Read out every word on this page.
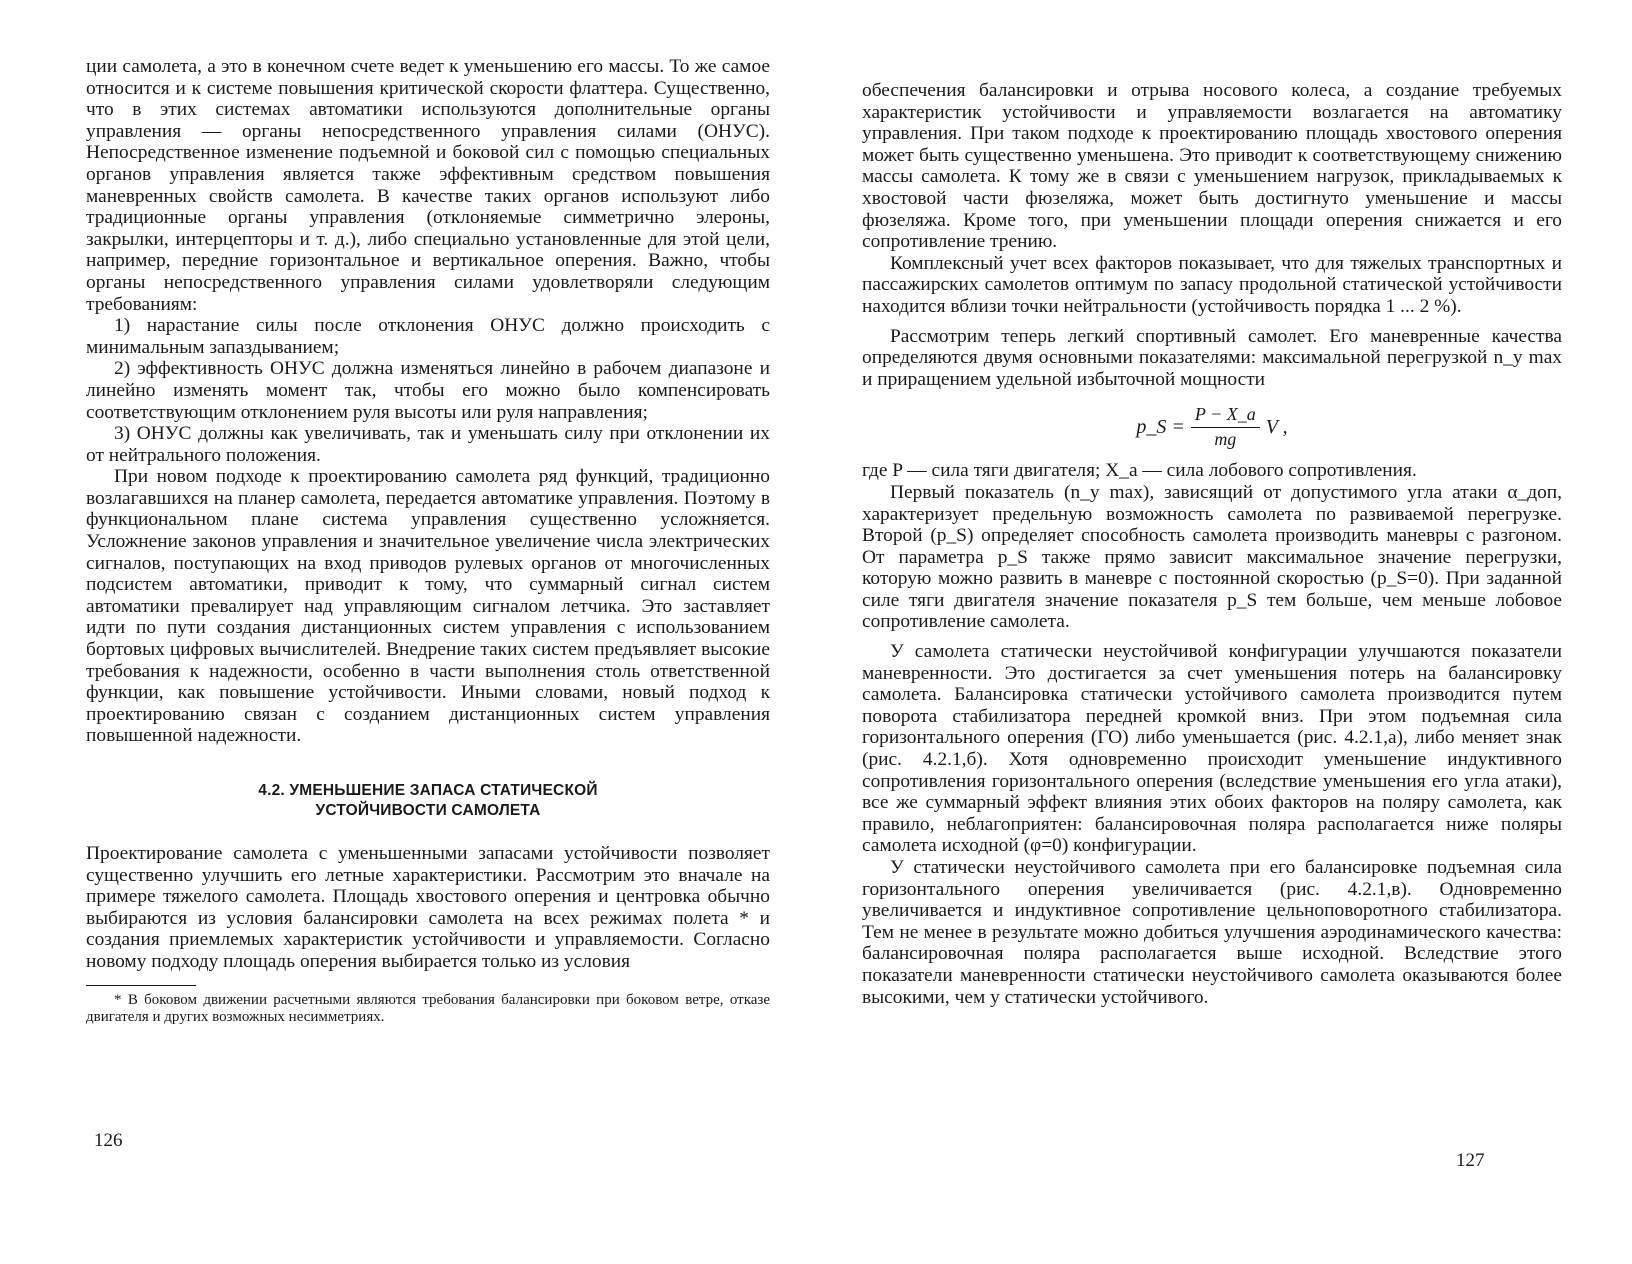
ции самолета, а это в конечном счете ведет к уменьшению его массы. То же самое относится и к системе повышения критической скорости флаттера. Существенно, что в этих системах автоматики используются дополнительные органы управления — органы непосредственного управления силами (ОНУС). Непосредственное изменение подъемной и боковой сил с помощью специальных органов управления является также эффективным средством повышения маневренных свойств самолета. В качестве таких органов используют либо традиционные органы управления (отклоняемые симметрично элероны, закрылки, интерцепторы и т. д.), либо специально установленные для этой цели, например, передние горизонтальное и вертикальное оперения. Важно, чтобы органы непосредственного управления силами удовлетворяли следующим требованиям:

1) нарастание силы после отклонения ОНУС должно происходить с минимальным запаздыванием;
2) эффективность ОНУС должна изменяться линейно в рабочем диапазоне и линейно изменять момент так, чтобы его можно было компенсировать соответствующим отклонением руля высоты или руля направления;
3) ОНУС должны как увеличивать, так и уменьшать силу при отклонении их от нейтрального положения.

При новом подходе к проектированию самолета ряд функций, традиционно возлагавшихся на планер самолета, передается автоматике управления. Поэтому в функциональном плане система управления существенно усложняется. Усложнение законов управления и значительное увеличение числа электрических сигналов, поступающих на вход приводов рулевых органов от многочисленных подсистем автоматики, приводит к тому, что суммарный сигнал систем автоматики превалирует над управляющим сигналом летчика. Это заставляет идти по пути создания дистанционных систем управления с использованием бортовых цифровых вычислителей. Внедрение таких систем предъявляет высокие требования к надежности, особенно в части выполнения столь ответственной функции, как повышение устойчивости. Иными словами, новый подход к проектированию связан с созданием дистанционных систем управления повышенной надежности.

4.2. УМЕНЬШЕНИЕ ЗАПАСА СТАТИЧЕСКОЙ
УСТОЙЧИВОСТИ САМОЛЕТА

Проектирование самолета с уменьшенными запасами устойчивости позволяет существенно улучшить его летные характеристики. Рассмотрим это вначале на примере тяжелого самолета. Площадь хвостового оперения и центровка обычно выбираются из условия балансировки самолета на всех режимах полета * и создания приемлемых характеристик устойчивости и управляемости. Согласно новому подходу площадь оперения выбирается только из условия

* В боковом движении расчетными являются требования балансировки при боковом ветре, отказе двигателя и других возможных несимметриях.

126

обеспечения балансировки и отрыва носового колеса, а создание требуемых характеристик устойчивости и управляемости возлагается на автоматику управления. При таком подходе к проектированию площадь хвостового оперения может быть существенно уменьшена. Это приводит к соответствующему снижению массы самолета. К тому же в связи с уменьшением нагрузок, прикладываемых к хвостовой части фюзеляжа, может быть достигнуто уменьшение и массы фюзеляжа. Кроме того, при уменьшении площади оперения снижается и его сопротивление трению.

Комплексный учет всех факторов показывает, что для тяжелых транспортных и пассажирских самолетов оптимум по запасу продольной статической устойчивости находится вблизи точки нейтральности (устойчивость порядка 1 ... 2 %).

Рассмотрим теперь легкий спортивный самолет. Его маневренные качества определяются двумя основными показателями: максимальной перегрузкой n_y max и приращением удельной избыточной мощности

p_S = $\frac{P - X\_a}{mg}$ V ,

где P — сила тяги двигателя; X_a — сила лобового сопротивления.

Первый показатель (n_y max), зависящий от допустимого угла атаки α_доп, характеризует предельную возможность самолета по развиваемой перегрузке. Второй (p_S) определяет способность самолета производить маневры с разгоном. От параметра p_S также прямо зависит максимальное значение перегрузки, которую можно развить в маневре с постоянной скоростью (p_S=0). При заданной силе тяги двигателя значение показателя p_S тем больше, чем меньше лобовое сопротивление самолета.

У самолета статически неустойчивой конфигурации улучшаются показатели маневренности. Это достигается за счет уменьшения потерь на балансировку самолета. Балансировка статически устойчивого самолета производится путем поворота стабилизатора передней кромкой вниз. При этом подъемная сила горизонтального оперения (ГО) либо уменьшается (рис. 4.2.1,а), либо меняет знак (рис. 4.2.1,б). Хотя одновременно происходит уменьшение индуктивного сопротивления горизонтального оперения (вследствие уменьшения его угла атаки), все же суммарный эффект влияния этих обоих факторов на поляру самолета, как правило, неблагоприятен: балансировочная поляра располагается ниже поляры самолета исходной (φ=0) конфигурации.

У статически неустойчивого самолета при его балансировке подъемная сила горизонтального оперения увеличивается (рис. 4.2.1,в). Одновременно увеличивается и индуктивное сопротивление цельноповоротного стабилизатора. Тем не менее в результате можно добиться улучшения аэродинамического качества: балансировочная поляра располагается выше исходной. Вследствие этого показатели маневренности статически неустойчивого самолета оказываются более высокими, чем у статически устойчивого.

127
